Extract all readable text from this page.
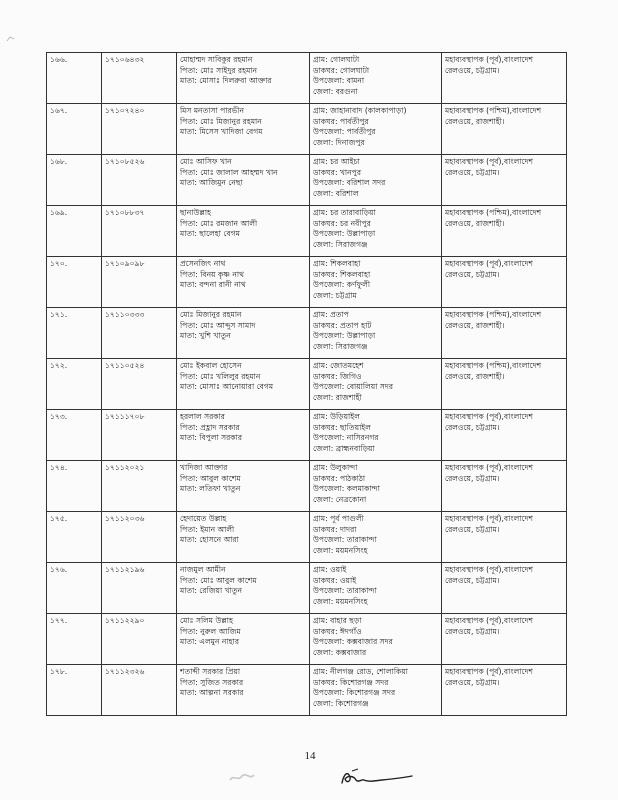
১৬৬.	১৭১০৬৪৩২	মোহাম্মদ সাবিকুর রহমান
পিতা: মোঃ সাইদুর রহমান
মাতা: মোসাঃ দিলরুবা আক্তার	গ্রাম: গোলঘাটা
ডাকঘর: গোলঘাটা
উপজেলা: বামনা
জেলা: বরগুনা	মহাব্যবস্থাপক (পূর্ব),বাংলাদেশ
রেলওয়ে, চট্টগ্রাম।

১৬৭.	১৭১০৭২৪০	মিস মনতাসা পারভীন
পিতা: মোঃ মিজানুর রহমান
মাতা: মিসেস খাদিজা বেগম	গ্রাম: জাহানাবাদ (কালকাপাড়া)
ডাকঘর: পার্বতীপুর
উপজেলা: পার্বতীপুর
জেলা: দিনাজপুর	মহাব্যবস্থাপক (পশ্চিম),বাংলাদেশ
রেলওয়ে, রাজশাহী।

১৬৮.	১৭১০৮৫২৬	মোঃ আসিফ খান
পিতা: মোঃ জালাল আহম্মদ খান
মাতা: আজিমুন নেছা	গ্রাম: চর আইচা
ডাকঘর: খানপুর
উপজেলা: বরিশাল সদর
জেলা: বরিশাল	মহাব্যবস্থাপক (পূর্ব),বাংলাদেশ
রেলওয়ে, চট্টগ্রাম।

১৬৯.	১৭১০৮৮৩৭	ছানাউল্লাহ
পিতা: মোঃ রমজান আলী
মাতা: ছালেহা বেগম	গ্রাম: চর তারাবাড়িয়া
ডাকঘর: চর নবীপুর
উপজেলা: উল্লাপাড়া
জেলা: সিরাজগঞ্জ	মহাব্যবস্থাপক (পশ্চিম),বাংলাদেশ
রেলওয়ে, রাজশাহী।

১৭০.	১৭১০৯০৯৮	প্রসেনজিৎ নাথ
পিতা: বিনয় কৃষ্ণ নাথ
মাতা: বন্দনা রানী নাথ	গ্রাম: শিকলবাহা
ডাকঘর: শিকলবাহা
উপজেলা: কর্ণফুলী
জেলা: চট্টগ্রাম	মহাব্যবস্থাপক (পূর্ব),বাংলাদেশ
রেলওয়ে, চট্টগ্রাম।

১৭১.	১৭১১০৩৩৩	মোঃ মিজানুর রহমান
পিতা: মোঃ আব্দুস সামাদ
মাতা: খুশি খাতুন	গ্রাম: প্রতাপ
ডাকঘর: প্রতাপ হাট
উপজেলা: উল্লাপাড়া
জেলা: সিরাজগঞ্জ	মহাব্যবস্থাপক (পশ্চিম),বাংলাদেশ
রেলওয়ে, রাজশাহী।

১৭২.	১৭১১০৫২৪	মোঃ ইকবাল হোসেন
পিতা: মোঃ খলিলুর রহমান
মাতা: মোসাঃ আনোয়ারা বেগম	গ্রাম: জোতমহেশ
ডাকঘর: জিগিও
উপজেলা: বোয়ালিয়া সদর
জেলা: রাজশাহী	মহাব্যবস্থাপক (পশ্চিম),বাংলাদেশ
রেলওয়ে, রাজশাহী।

১৭৩.	১৭১১১৭০৮	হরলাল সরকার
পিতা: প্রহ্লাদ সরকার
মাতা: বিপুলা সরকার	গ্রাম: উড়িয়াইল
ডাকঘর: ছাতিয়াইল
উপজেলা: নাসিরনগর
জেলা: ব্রাহ্মনবাড়িয়া	মহাব্যবস্থাপক (পূর্ব),বাংলাদেশ
রেলওয়ে, চট্টগ্রাম।

১৭৪.	১৭১১২০২১	খাদিজা আক্তার
পিতা: আবুল কাশেম
মাতা: লতিফা খাতুন	গ্রাম: উলুকান্দা
ডাকঘর: পাঠকাঠা
উপজেলা: কলমাকান্দা
জেলা: নেত্রকোনা	মহাব্যবস্থাপক (পূর্ব),বাংলাদেশ
রেলওয়ে, চট্টগ্রাম।

১৭৫.	১৭১১২০৩৬	হেদায়েত উল্লাহ
পিতা: ইমান আলী
মাতা: হোসনে আরা	গ্রাম: পূর্ব পাগুলী
ডাকঘর: দাদরা
উপজেলা: তারাকান্দা
জেলা: ময়মনসিংহ	মহাব্যবস্থাপক (পূর্ব),বাংলাদেশ
রেলওয়ে, চট্টগ্রাম।

১৭৬.	১৭১১২১৯৬	নাজমুল আমীন
পিতা: মোঃ আবুল কাশেম
মাতা: রেজিয়া খাতুন	গ্রাম: ওয়াই
ডাকঘর: ওয়াই
উপজেলা: তারাকান্দা
জেলা: ময়মনসিংহ	মহাব্যবস্থাপক (পূর্ব),বাংলাদেশ
রেলওয়ে, চট্টগ্রাম।

১৭৭.	১৭১১২২৯০	মোঃ সলিম উল্লাহ
পিতা: নুরুল আজিম
মাতা: এলমুন নাহার	গ্রাম: বাহার ছড়া
ডাকঘর: ঈদগাঁও
উপজেলা: কক্সবাজার সদর
জেলা: কক্সবাজার	মহাব্যবস্থাপক (পূর্ব),বাংলাদেশ
রেলওয়ে, চট্টগ্রাম।

১৭৮.	১৭১১২৩২৬	শতাব্দী সরকার প্রিয়া
পিতা: সুজিত সরকার
মাতা: আল্পনা সরকার	গ্রাম: নীলগঞ্জ রোড, শোলাকিয়া
ডাকঘর: কিশোরগঞ্জ সদর
উপজেলা: কিশোরগঞ্জ সদর
জেলা: কিশোরগঞ্জ	মহাব্যবস্থাপক (পূর্ব),বাংলাদেশ
রেলওয়ে, চট্টগ্রাম।
14
